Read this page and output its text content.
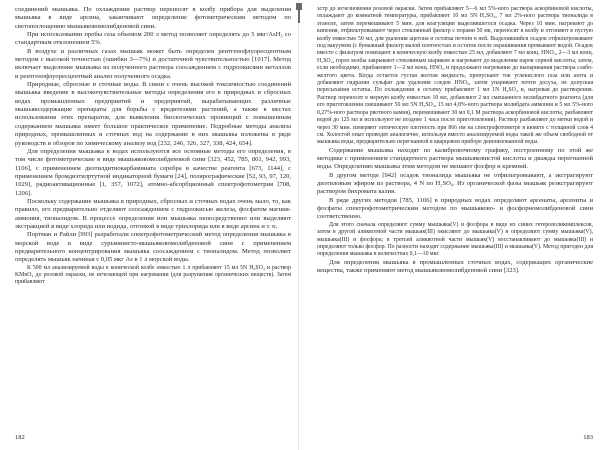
соединений мышьяка. По охлаждении раствор переносят в колбу прибора для выделения мышьяка в виде арсина, заканчивают определение фотометрическим методом по светопоглощению мышьяковомолибденовой сини.

При использовании пробы газа объемом 200 л метод позволяет определять до 5 мкг/AsH₃ со стандартным отклонением 5%.

В воздухе и различных газах мышьяк может быть определен рентгенофлуоресцентным методом с высокой точностью (ошибки 3—7%) и достаточной чувствительностью [1017]. Метод включает выделение мышьяка из полученного раствора соосаждением с гидроокисями металлов и рентгенофлуоресцентный анализ полученного осадка.

Природные, сбросные и сточные воды. В связи с очень высокой токсичностью соединений мышьяка введение в высокочувствительные методы определения его в природных и сбросных водах промышленных предприятий и предприятий, вырабатывающих различные мышьяксодержащие препараты для борьбы с вредителями растений, а также в местах использования этих препаратов, для выявления биологических провинций с повышенным содержанием мышьяка имеет большое практическое применение. Подробные методы анализа природных, промышленных и сточных вод на содержание в них мышьяка изложены в ряде руководств и обзоров по химическому анализу вод [232, 246, 326, 327, 338, 424, 654].

Для определения мышьяка в водах используются все основные методы его определения, в том числе фотометрические в виде мышьяковомолибденовой сини [323, 452, 785, 801, 942, 993, 1106], с применением диэтилдитиокарбамината серебра в качестве реагента [673, 1144], с применением бромдиэтилртутной индикаторной бумаги [24], полярографические [52, 93, 97, 120, 1029], радиоактивационные [1, 357, 1072], атомно-абсорбционный спектрофотометрия [708, 1206].

Поскольку содержание мышьяка в природных, сбросных и сточных водах очень мало, то, как правило, его предварительно отделяют соосаждением с гидроокисью железа, фосфатом магния-аммония, тионалидом. В процессе определения ион мышьяка непосредственно или выделяют экстракцией в виде хлорида или иодида, отгонкой в виде трихлорида или в виде арсина и т. п.

Портман и Райли [993] разработали спектрофотометрический метод определения мышьяка в морской воде в виде сурьмянисто-мышьяковомолибденовой сини с применением предварительного концентрирования мышьяка соосаждением с тионалидом. Метод позволяет определять мышьяк начиная с 0,05 мкг As в 1 л морской воды.

К 500 мл анализируемой воды в конической колбе емкостью 1 л прибавляют 15 мл 5N H₂SO₄ и раствор KMnO₄ до розовой окраски, не исчезающей при нагревании (для разрушения органических веществ). Затем прибавляют

182

эстр до исчезновения розовой окраски. Затем прибавляют 5—6 мл 5%-ного раствора аскорбиновой кислоты, охлаждают до комнатной температуры, прибавляют 10 мл 5N H₂SO₄, 7 мл 2%-ного раствора тионалида в этаноле, затем перемешивают 5 мин. для коагуляции выделившегося осадка. Через 10 мин. нагревают до кипения, отфильтровывают через стеклянный фильтр с порами 50 мк, переносят в колбу и отгоняют в пустую колбу емкостью 50 мл, для удаления ацетона и остатка нетонн в ней. Выделившийся осадок отфильтровывают под вакуумом (с бумажный фильтр малой плотностью и остаток после окрашивания промывают водой. Осадок вместе с фильтром помещают в коническую колбу емкостью 25 мл, добавляют 7 мл конц. HNO₃, 2—3 мл конц. H₂SO₄, горлo колбы закрывают стеклянным шариком и нагревают до выделения паров серной кислоты, затем, если необходимо, прибавляют 1—2 мл конц. HNO₃ и продолжают нагревание до выпаривания раствора слабо-желтого цвета. Когда остается густая желтая жидкость, пропускают ток углекислого газа или азота и добавляют гидразин сульфат для удаления следов HNO₃, затем упаривают почти досуха, не допуская пересыхания остатка. По охлаждении к остатку прибавляют 1 мл 1N H₂SO₄ и, нагревая до растворения. Раствор переносят в мерную колбу емкостью 10 мл, добавляют 2 мл смешанного молибдатного реагента (для его приготовления смешивают 50 мл 5N H₂SO₄, 15 мл 4,8%-ного раствора молибдата аммония и 5 мл 5%-ного 0,27%-ного раствора рвотного камня), перемешивают 30 мл 0,1 М раствора аскорбиновой кислоты, разбавляют водой до 125 мл и используют не позднее 1 часа после приготовления). Раствор разбавляют до метки водой и через 30 мин. измеряют оптическую плотность при 866 нм на спектрофотометре в кювете с толщиной слоя 4 см. Холостой опыт проводят аналогично, используя вместо анализируемой воды такой же объем свободной от мышьяка воды, предварительно перегнанной в кварцевом приборе деионизованной воды.

Содержание мышьяка находят по калибровочному графику, построенному по этой же методике с применением стандартного раствора мышьяковистой кислоты и дважды перегнанной воды. Определению мышьяка этим методом не мешают фосфор и кремний.

В другом методе [942] осадок тионалида мышьяка не отфильтровывают, а экстрагируют диэтиловым эфиром из раствора, 4 N по H₂SO₄. Из органической фазы мышьяк реэкстрагируют раствором бихромата калия.

В ряде других методов [785, 1106] в природных водах определяют арсенаты, арсениты и фосфаты спектрофотометрическим методом по мышьяково- и фосфорномолибденовой сини соответственно.

Для этого сначала определяют сумму мышьяка(V) и фосфора в виде их синих гетерополикомплексов, затем в другой аликвотной части мышьяк(III) окисляют до мышьяка(V) и определяют сумму мышьяка(V), мышьяка(III) и фосфора; в третьей аликвотной части мышьяк(V) восстанавливают до мышьяка(III) и определяют только фосфор. По разности находят содержание мышьяка(III) и мышьяка(V). Метод пригоден для определения мышьяка в количествах 0,1—10 мкг.

Для определения мышьяка в промышленных сточных водах, содержащих органические вещества, также применяют метод мышьяковомолибденовой сини [323].

183
